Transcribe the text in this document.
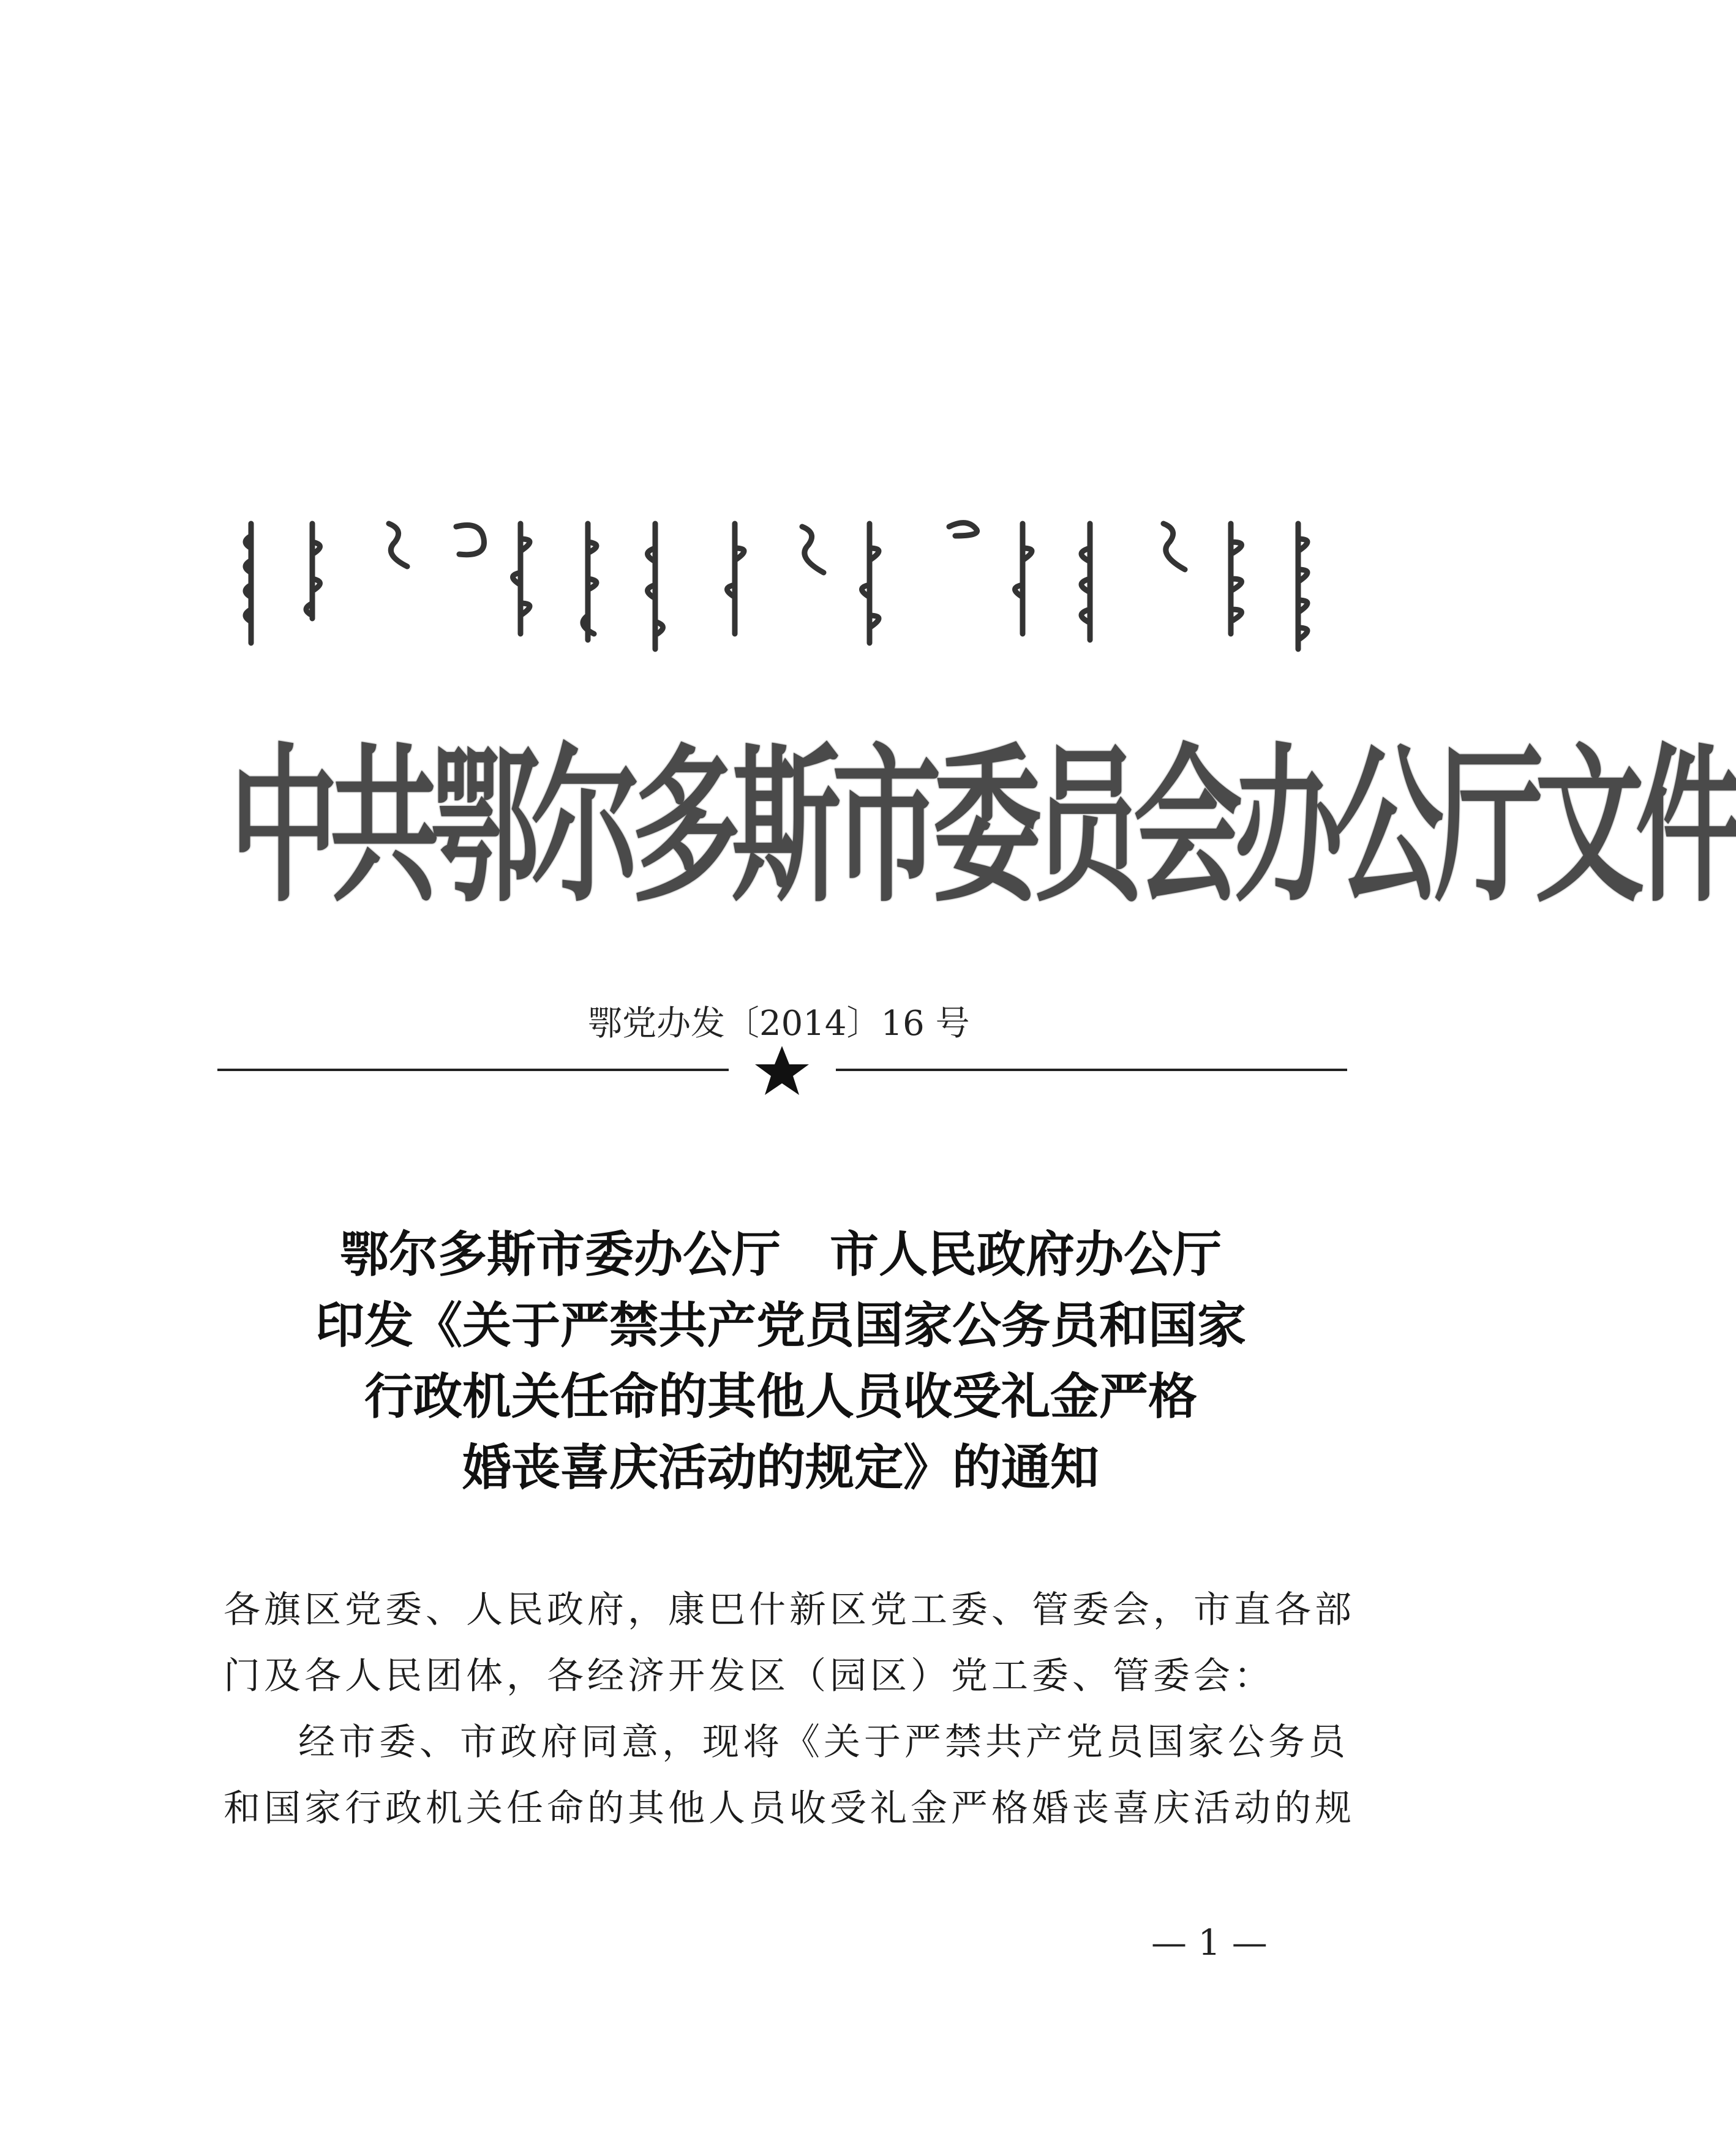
中共鄂尔多斯市委员会办公厅文件
鄂党办发〔2014〕16 号
鄂尔多斯市委办公厅　市人民政府办公厅
印发《关于严禁共产党员国家公务员和国家
行政机关任命的其他人员收受礼金严格
婚丧喜庆活动的规定》的通知
各旗区党委、人民政府，康巴什新区党工委、管委会，市直各部
门及各人民团体，各经济开发区（园区）党工委、管委会：
经市委、市政府同意，现将《关于严禁共产党员国家公务员
和国家行政机关任命的其他人员收受礼金严格婚丧喜庆活动的规
— 1 —
